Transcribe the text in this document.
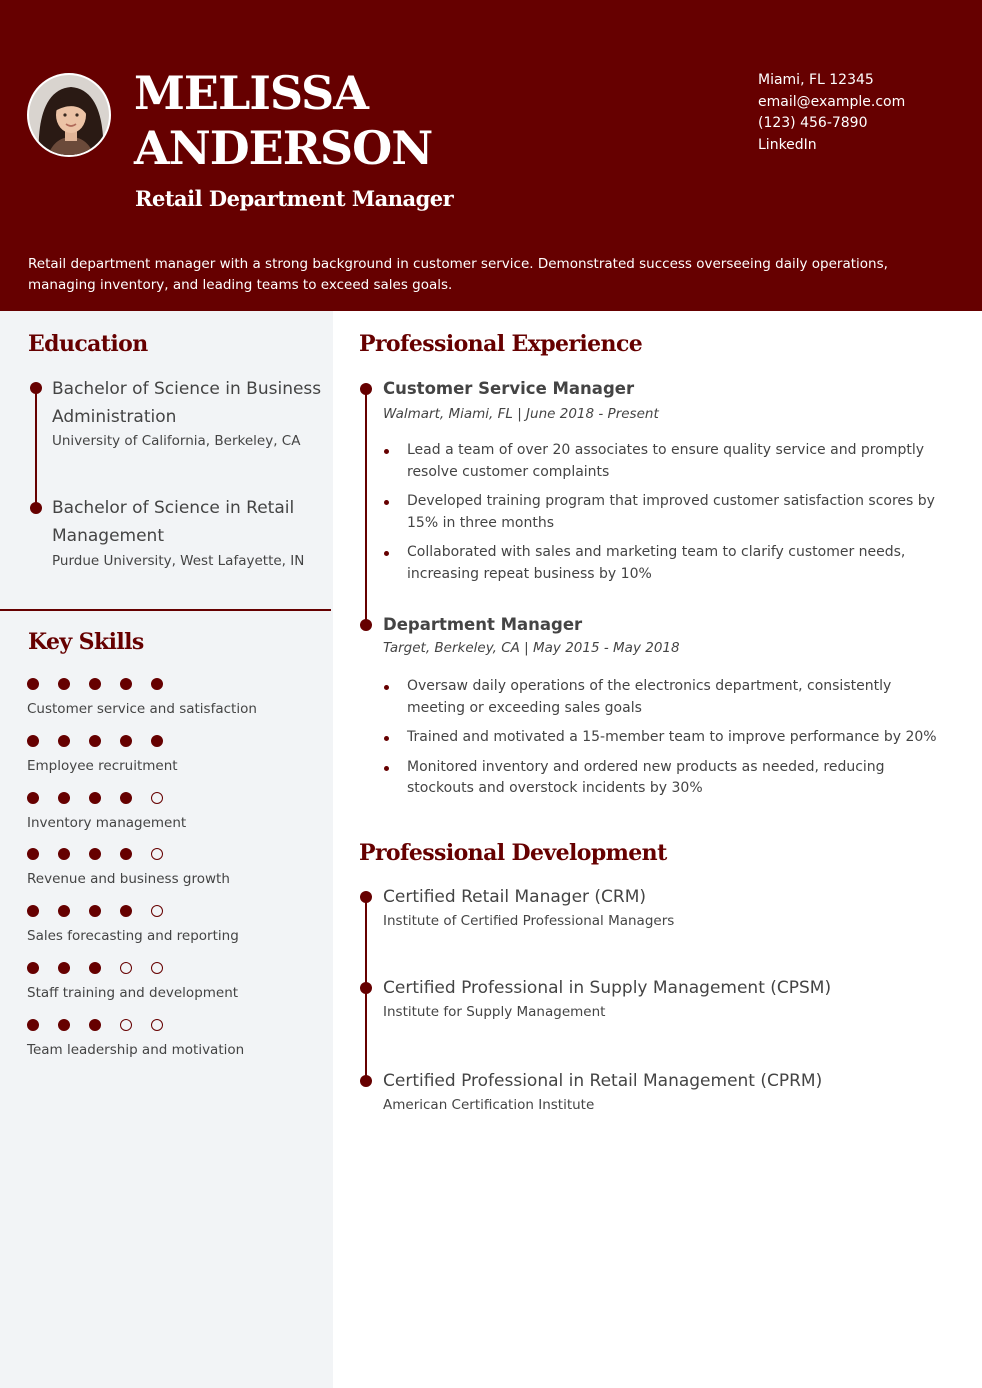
MELISSA
ANDERSON
Retail Department Manager
Miami, FL 12345
email@example.com
(123) 456-7890
LinkedIn
Retail department manager with a strong background in customer service. Demonstrated success overseeing daily operations, managing inventory, and leading teams to exceed sales goals.
Education
Bachelor of Science in Business Administration
University of California, Berkeley, CA
Bachelor of Science in Retail Management
Purdue University, West Lafayette, IN
Key Skills
Customer service and satisfaction
Employee recruitment
Inventory management
Revenue and business growth
Sales forecasting and reporting
Staff training and development
Team leadership and motivation
Professional Experience
Customer Service Manager
Walmart, Miami, FL | June 2018 - Present
Lead a team of over 20 associates to ensure quality service and promptly resolve customer complaints
Developed training program that improved customer satisfaction scores by 15% in three months
Collaborated with sales and marketing team to clarify customer needs, increasing repeat business by 10%
Department Manager
Target, Berkeley, CA | May 2015 - May 2018
Oversaw daily operations of the electronics department, consistently meeting or exceeding sales goals
Trained and motivated a 15-member team to improve performance by 20%
Monitored inventory and ordered new products as needed, reducing stockouts and overstock incidents by 30%
Professional Development
Certified Retail Manager (CRM)
Institute of Certified Professional Managers
Certified Professional in Supply Management (CPSM)
Institute for Supply Management
Certified Professional in Retail Management (CPRM)
American Certification Institute
